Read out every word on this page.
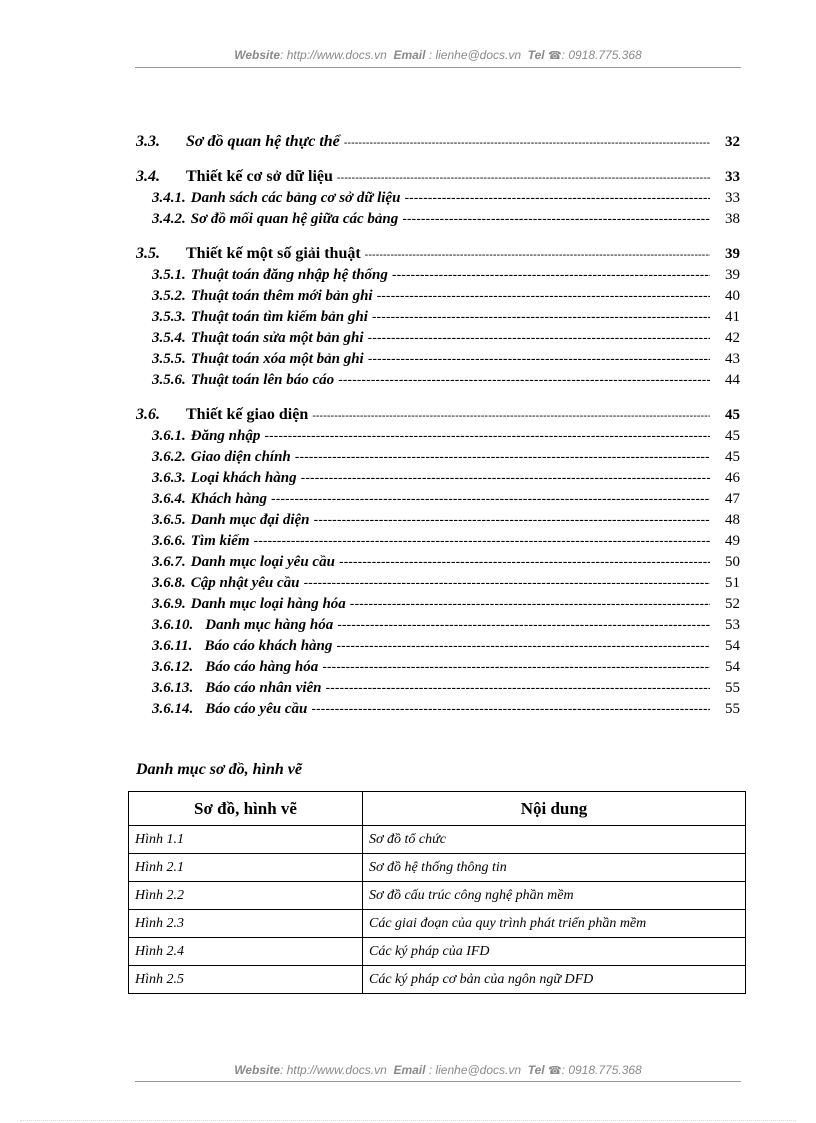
Website: http://www.docs.vn Email : lienhe@docs.vn Tel ☎: 0918.775.368
3.3.	Sơ đồ quan hệ thực thể -----	32
3.4.	Thiết kế cơ sở dữ liệu -----	33
3.4.1. Danh sách các bảng cơ sở dữ liệu -----	33
3.4.2. Sơ đồ mối quan hệ giữa các bảng -----	38
3.5.	Thiết kế một số giải thuật -----	39
3.5.1. Thuật toán đăng nhập hệ thống -----	39
3.5.2. Thuật toán thêm mới bản ghi -----	40
3.5.3. Thuật toán tìm kiếm bản ghi -----	41
3.5.4. Thuật toán sửa một bản ghi -----	42
3.5.5. Thuật toán xóa một bản ghi -----	43
3.5.6. Thuật toán lên báo cáo -----	44
3.6.	Thiết kế giao diện -----	45
3.6.1. Đăng nhập -----	45
3.6.2. Giao diện chính -----	45
3.6.3. Loại khách hàng -----	46
3.6.4. Khách hàng -----	47
3.6.5. Danh mục đại diện -----	48
3.6.6. Tìm kiếm -----	49
3.6.7. Danh mục loại yêu cầu -----	50
3.6.8. Cập nhật yêu cầu -----	51
3.6.9. Danh mục loại hàng hóa -----	52
3.6.10. Danh mục hàng hóa -----	53
3.6.11. Báo cáo khách hàng -----	54
3.6.12. Báo cáo hàng hóa -----	54
3.6.13. Báo cáo nhân viên -----	55
3.6.14. Báo cáo yêu cầu -----	55
Danh mục sơ đồ, hình vẽ
Sơ đồ, hình vẽ	Nội dung
Hình 1.1	Sơ đồ tổ chức
Hình 2.1	Sơ đồ hệ thống thông tin
Hình 2.2	Sơ đồ cấu trúc công nghệ phần mềm
Hình 2.3	Các giai đoạn của quy trình phát triển phần mềm
Hình 2.4	Các ký pháp của IFD
Hình 2.5	Các ký pháp cơ bản của ngôn ngữ DFD
Website: http://www.docs.vn Email : lienhe@docs.vn Tel ☎: 0918.775.368
